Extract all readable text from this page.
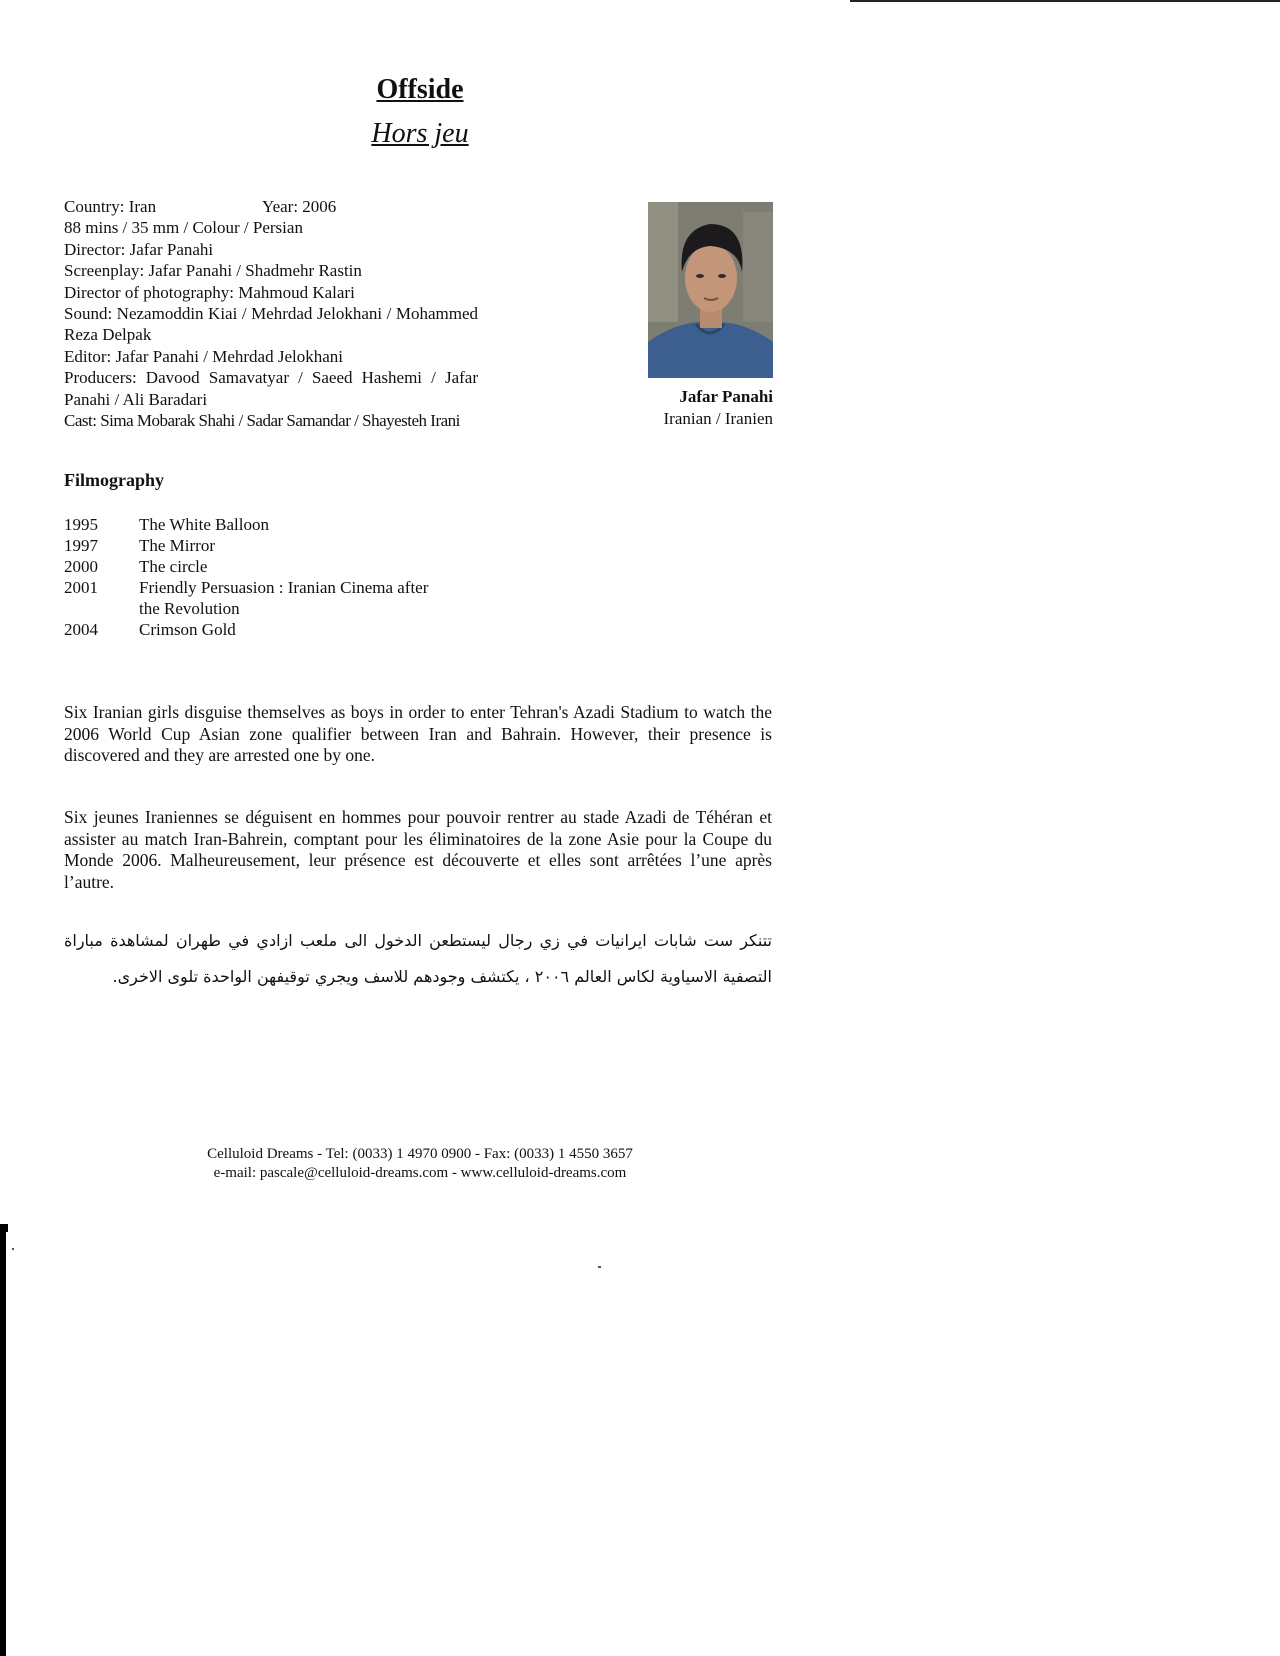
Offside
Hors jeu
Country: Iran	Year: 2006
88 mins / 35 mm / Colour / Persian
Director: Jafar Panahi
Screenplay: Jafar Panahi / Shadmehr Rastin
Director of photography: Mahmoud Kalari
Sound: Nezamoddin Kiai / Mehrdad Jelokhani / Mohammed Reza Delpak
Editor: Jafar Panahi / Mehrdad Jelokhani
Producers: Davood Samavatyar / Saeed Hashemi / Jafar Panahi / Ali Baradari
Cast: Sima Mobarak Shahi / Sadar Samandar / Shayesteh Irani
Jafar Panahi
Iranian / Iranien
Filmography
1995	The White Balloon
1997	The Mirror
2000	The circle
2001	Friendly Persuasion : Iranian Cinema after the Revolution
2004	Crimson Gold
Six Iranian girls disguise themselves as boys in order to enter Tehran's Azadi Stadium to watch the 2006 World Cup Asian zone qualifier between Iran and Bahrain. However, their presence is discovered and they are arrested one by one.
Six jeunes Iraniennes se déguisent en hommes pour pouvoir rentrer au stade Azadi de Téhéran et assister au match Iran-Bahrein, comptant pour les éliminatoires de la zone Asie pour la Coupe du Monde 2006. Malheureusement, leur présence est découverte et elles sont arrêtées l’une après l’autre.
تتنكر ست شابات ايرانيات في زي رجال ليستطعن الدخول الى ملعب ازادي في طهران لمشاهدة مباراة التصفية الاسياوية لكاس العالم ٢٠٠٦ ، يكتشف وجودهم للاسف ويجري توقيفهن الواحدة تلوى الاخرى.
Celluloid Dreams - Tel: (0033) 1 4970 0900 - Fax: (0033) 1 4550 3657
e-mail: pascale@celluloid-dreams.com - www.celluloid-dreams.com
